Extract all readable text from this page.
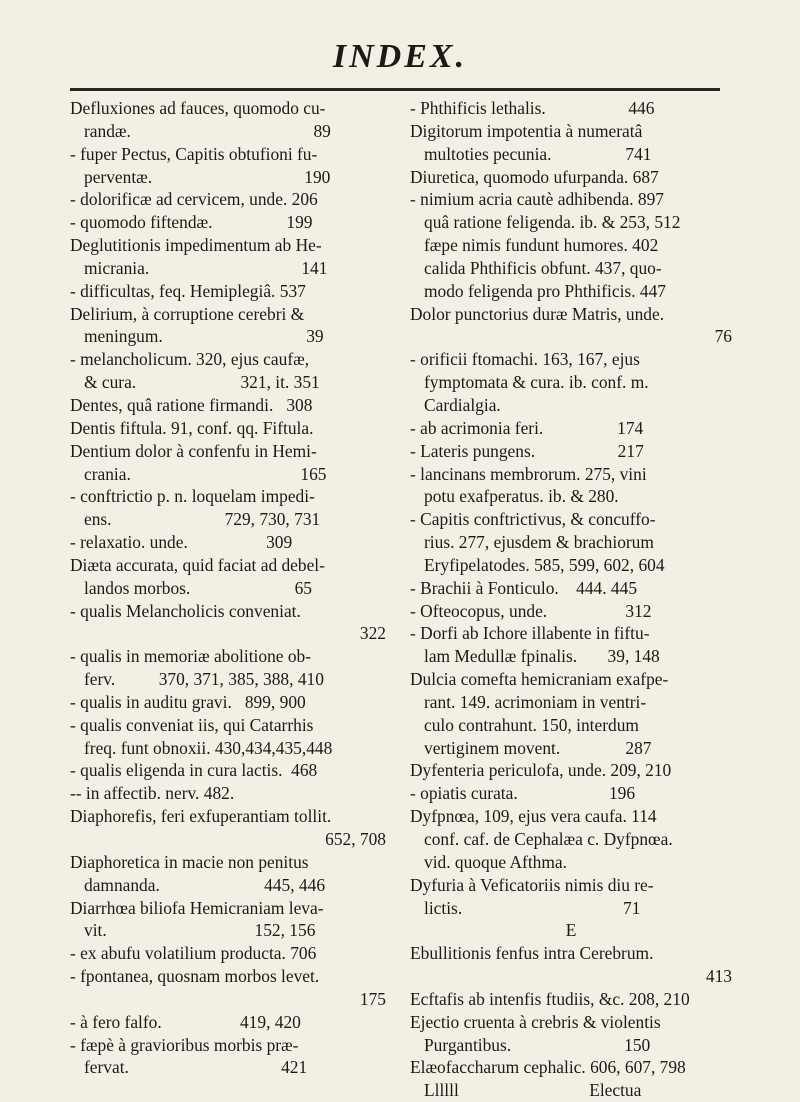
INDEX.
Defluxiones ad fauces, quomodo cu-
randæ.                                          89
- fuper Pectus, Capitis obtufioni fu-
perventæ.                                   190
- dolorificæ ad cervicem, unde. 206
- quomodo fiftendæ.                 199
Deglutitionis impedimentum ab He-
micrania.                                   141
- difficultas, feq. Hemiplegiâ. 537
Delirium, à corruptione cerebri &
meningum.                                 39
- melancholicum. 320, ejus caufæ,
& cura.                        321, it. 351
Dentes, quâ ratione firmandi.   308
Dentis fiftula. 91, conf. qq. Fiftula.
Dentium dolor à confenfu in Hemi-
crania.                                       165
- conftrictio p. n. loquelam impedi-
ens.                          729, 730, 731
- relaxatio. unde.                  309
Diæta accurata, quid faciat ad debel-
landos morbos.                        65
- qualis Melancholicis conveniat.
322
- qualis in memoriæ abolitione ob-
ferv.          370, 371, 385, 388, 410
- qualis in auditu gravi.   899, 900
- qualis conveniat iis, qui Catarrhis
freq. funt obnoxii. 430,434,435,448
- qualis eligenda in cura lactis.  468
-- in affectib. nerv. 482.
Diaphorefis, feri exfuperantiam tollit.
652, 708
Diaphoretica in macie non penitus
damnanda.                        445, 446
Diarrhœa biliofa Hemicraniam leva-
vit.                                  152, 156
- ex abufu volatilium producta. 706
- fpontanea, quosnam morbos levet.
175
- à fero falfo.                  419, 420
- fæpè à gravioribus morbis præ-
fervat.                                   421
- Phthificis lethalis.                   446
Digitorum impotentia à numeratâ
multoties pecunia.                 741
Diuretica, quomodo ufurpanda. 687
- nimium acria cautè adhibenda. 897
quâ ratione feligenda. ib. & 253, 512
fæpe nimis fundunt humores. 402
calida Phthificis obfunt. 437, quo-
modo feligenda pro Phthificis. 447
Dolor punctorius duræ Matris, unde.
76
- orificii ftomachi. 163, 167, ejus
fymptomata & cura. ib. conf. m.
Cardialgia.
- ab acrimonia feri.                 174
- Lateris pungens.                   217
- lancinans membrorum. 275, vini
potu exafperatus. ib. & 280.
- Capitis conftrictivus, & concuffo-
rius. 277, ejusdem & brachiorum
Eryfipelatodes. 585, 599, 602, 604
- Brachii à Fonticulo.    444. 445
- Ofteocopus, unde.                  312
- Dorfi ab Ichore illabente in fiftu-
lam Medullæ fpinalis.       39, 148
Dulcia comefta hemicraniam exafpe-
rant. 149. acrimoniam in ventri-
culo contrahunt. 150, interdum
vertiginem movent.               287
Dyfenteria periculofa, unde. 209, 210
- opiatis curata.                     196
Dyfpnœa, 109, ejus vera caufa. 114
conf. caf. de Cephalæa c. Dyfpnœa.
vid. quoque Afthma.
Dyfuria à Veficatoriis nimis diu re-
lictis.                                     71
E
Ebullitionis fenfus intra Cerebrum.
413
Ecftafis ab intenfis ftudiis, &c. 208, 210
Ejectio cruenta à crebris & violentis
Purgantibus.                          150
Elæofaccharum cephalic. 606, 607, 798
Llllll                              Electua
